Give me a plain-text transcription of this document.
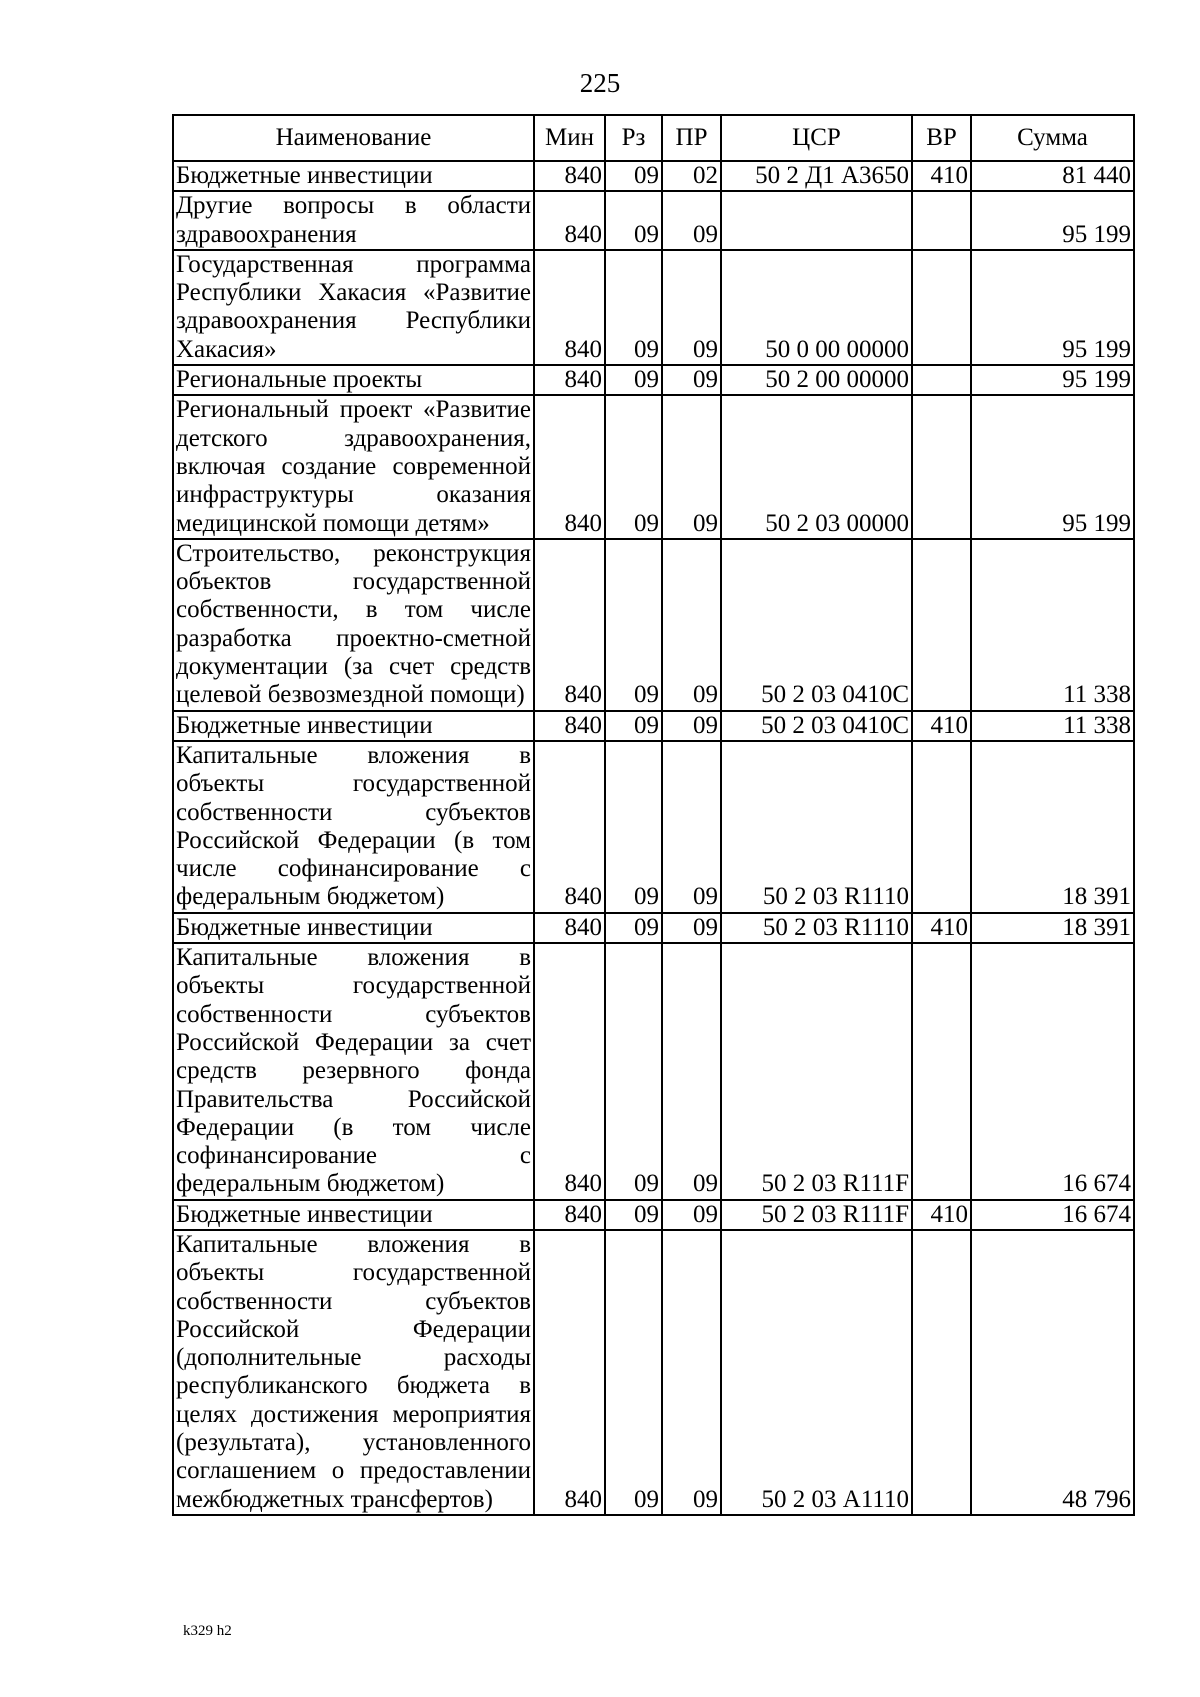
225
Наименование	Мин	Рз	ПР	ЦСР	ВР	Сумма
Бюджетные инвестиции	840	09	02	50 2 Д1 А3650	410	81 440
Другие вопросы в области здравоохранения	840	09	09			95 199
Государственная программа Республики Хакасия «Развитие здравоохранения Республики Хакасия»	840	09	09	50 0 00 00000		95 199
Региональные проекты	840	09	09	50 2 00 00000		95 199
Региональный проект «Развитие детского здравоохранения, включая создание современной инфраструктуры оказания медицинской помощи детям»	840	09	09	50 2 03 00000		95 199
Строительство, реконструкция объектов государственной собственности, в том числе разработка проектно-сметной документации (за счет средств целевой безвозмездной помощи)	840	09	09	50 2 03 0410С		11 338
Бюджетные инвестиции	840	09	09	50 2 03 0410С	410	11 338
Капитальные вложения в объекты государственной собственности субъектов Российской Федерации (в том числе софинансирование с федеральным бюджетом)	840	09	09	50 2 03 R1110		18 391
Бюджетные инвестиции	840	09	09	50 2 03 R1110	410	18 391
Капитальные вложения в объекты государственной собственности субъектов Российской Федерации за счет средств резервного фонда Правительства Российской Федерации (в том числе софинансирование с федеральным бюджетом)	840	09	09	50 2 03 R111F		16 674
Бюджетные инвестиции	840	09	09	50 2 03 R111F	410	16 674
Капитальные вложения в объекты государственной собственности субъектов Российской Федерации (дополнительные расходы республиканского бюджета в целях достижения мероприятия (результата), установленного соглашением о предоставлении межбюджетных трансфертов)	840	09	09	50 2 03 А1110		48 796
k329 h2
